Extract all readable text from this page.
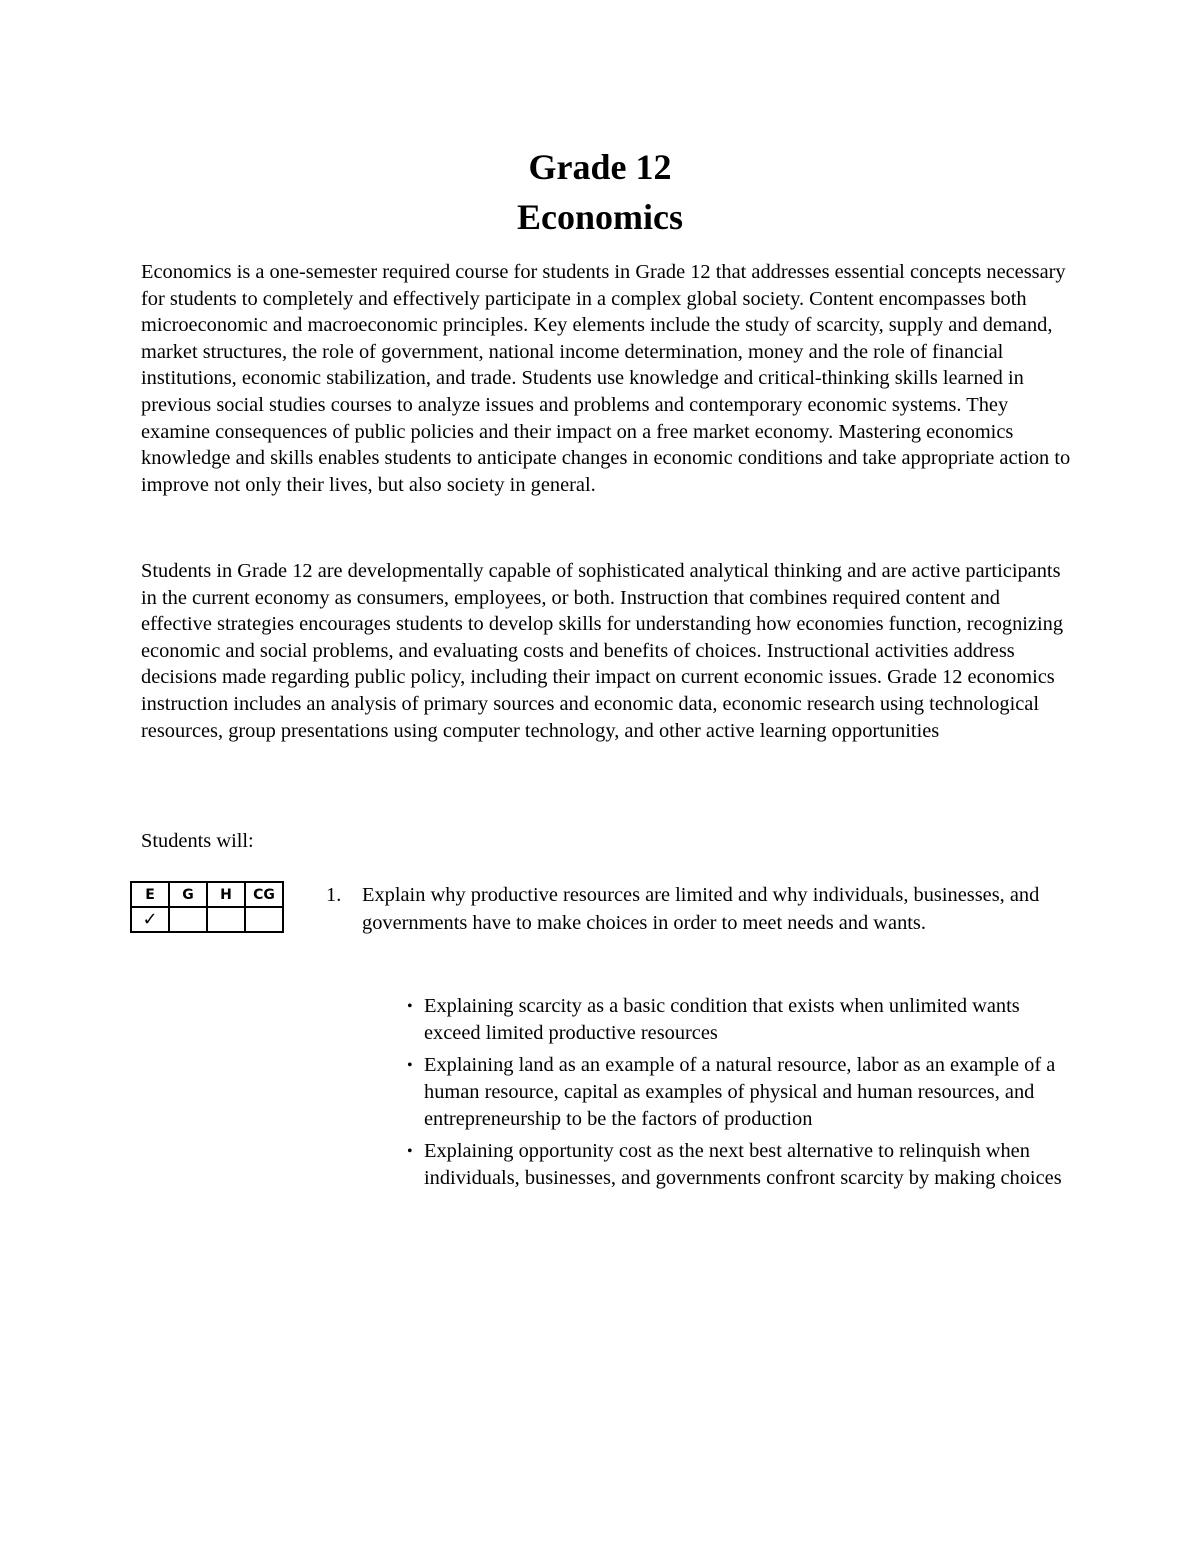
Grade 12
Economics

Economics is a one-semester required course for students in Grade 12 that addresses essential concepts necessary for students to completely and effectively participate in a complex global society. Content encompasses both microeconomic and macroeconomic principles. Key elements include the study of scarcity, supply and demand, market structures, the role of government, national income determination, money and the role of financial institutions, economic stabilization, and trade. Students use knowledge and critical-thinking skills learned in previous social studies courses to analyze issues and problems and contemporary economic systems. They examine consequences of public policies and their impact on a free market economy. Mastering economics knowledge and skills enables students to anticipate changes in economic conditions and take appropriate action to improve not only their lives, but also society in general.

Students in Grade 12 are developmentally capable of sophisticated analytical thinking and are active participants in the current economy as consumers, employees, or both. Instruction that combines required content and effective strategies encourages students to develop skills for understanding how economies function, recognizing economic and social problems, and evaluating costs and benefits of choices. Instructional activities address decisions made regarding public policy, including their impact on current economic issues. Grade 12 economics instruction includes an analysis of primary sources and economic data, economic research using technological resources, group presentations using computer technology, and other active learning opportunities

Students will:

E	G	H	CG
✓			
1. Explain why productive resources are limited and why individuals, businesses, and governments have to make choices in order to meet needs and wants.
• Explaining scarcity as a basic condition that exists when unlimited wants exceed limited productive resources
• Explaining land as an example of a natural resource, labor as an example of a human resource, capital as examples of physical and human resources, and entrepreneurship to be the factors of production
• Explaining opportunity cost as the next best alternative to relinquish when individuals, businesses, and governments confront scarcity by making choices
